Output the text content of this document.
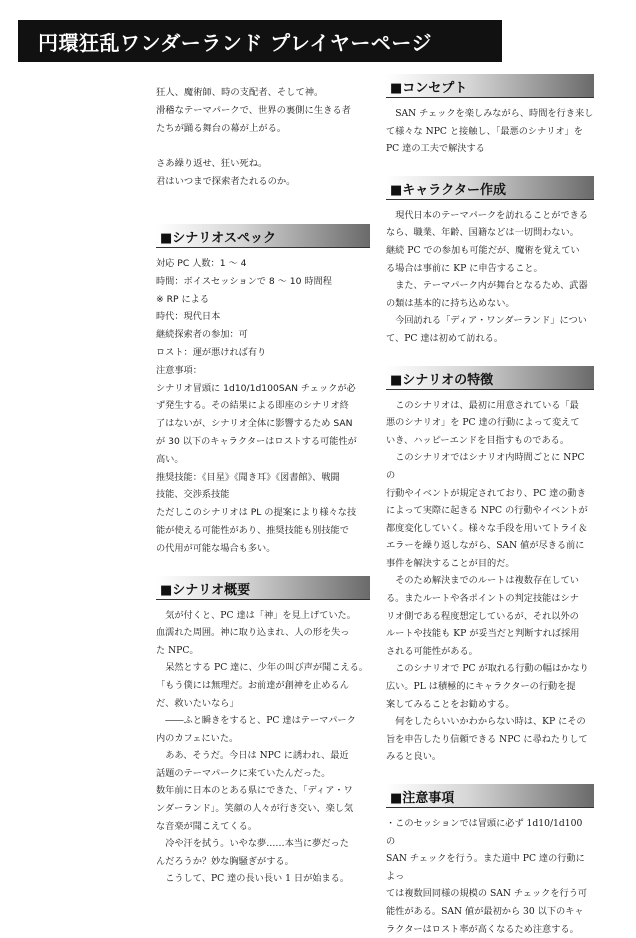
円環狂乱ワンダーランド プレイヤーページ

狂人、魔術師、時の支配者、そして神。

滑稽なテーマパークで、世界の裏側に生きる者

たちが踊る舞台の幕が上がる。

さあ繰り返せ、狂い死ね。

君はいつまで探索者たれるのか。

■シナリオスペック

対応 PC 人数：1 ～ 4

時間：ボイスセッションで 8 ～ 10 時間程

※ RP による

時代：現代日本

継続探索者の参加：可

ロスト：運が悪ければ有り

注意事項：

シナリオ冒頭に 1d10/1d100SAN チェックが必

ず発生する。その結果による即座のシナリオ終

了はないが、シナリオ全体に影響するため SAN

が 30 以下のキャラクターはロストする可能性が

高い。

推奨技能：《目星》《聞き耳》《図書館》、戦闘

技能、交渉系技能

ただしこのシナリオは PL の提案により様々な技

能が使える可能性があり、推奨技能も別技能で

の代用が可能な場合も多い。

■シナリオ概要

気が付くと、PC 達は「神」を見上げていた。

血濡れた周囲。神に取り込まれ、人の形を失っ

た NPC。

呆然とする PC 達に、少年の叫び声が聞こえる。

「もう僕には無理だ。お前達が創神を止めるん

だ、救いたいなら」

――ふと瞬きをすると、PC 達はテーマパーク

内のカフェにいた。

ああ、そうだ。今日は NPC に誘われ、最近

話題のテーマパークに来ていたんだった。

数年前に日本のとある県にできた、「ディア・ワ

ンダーランド」。笑顔の人々が行き交い、楽し気

な音楽が聞こえてくる。

冷や汗を拭う。いやな夢……本当に夢だった

んだろうか？妙な胸騒ぎがする。

こうして、PC 達の長い長い 1 日が始まる。

■コンセプト

SAN チェックを楽しみながら、時間を行き来し

て様々な NPC と接触し、「最悪のシナリオ」を

PC 達の工夫で解決する

■キャラクター作成

現代日本のテーマパークを訪れることができる

なら、職業、年齢、国籍などは一切問わない。

継続 PC での参加も可能だが、魔術を覚えてい

る場合は事前に KP に申告すること。

また、テーマパーク内が舞台となるため、武器

の類は基本的に持ち込めない。

今回訪れる「ディア・ワンダーランド」につい

て、PC 達は初めて訪れる。

■シナリオの特徴

このシナリオは、最初に用意されている「最

悪のシナリオ」を PC 達の行動によって変えて

いき、ハッピーエンドを目指すものである。

このシナリオではシナリオ内時間ごとに NPC の

行動やイベントが規定されており、PC 達の動き

によって実際に起きる NPC の行動やイベントが

都度変化していく。様々な手段を用いてトライ＆

エラーを繰り返しながら、SAN 値が尽きる前に

事件を解決することが目的だ。

そのため解決までのルートは複数存在してい

る。またルートや各ポイントの判定技能はシナ

リオ側である程度想定しているが、それ以外の

ルートや技能も KP が妥当だと判断すれば採用

される可能性がある。

このシナリオで PC が取れる行動の幅はかなり

広い。PL は積極的にキャラクターの行動を提

案してみることをお勧めする。

何をしたらいいかわからない時は、KP にその

旨を申告したり信頼できる NPC に尋ねたりして

みると良い。

■注意事項

・このセッションでは冒頭に必ず 1d10/1d100 の

SAN チェックを行う。また道中 PC 達の行動によっ

ては複数回同様の規模の SAN チェックを行う可

能性がある。SAN 値が最初から 30 以下のキャ

ラクターはロスト率が高くなるため注意する。
